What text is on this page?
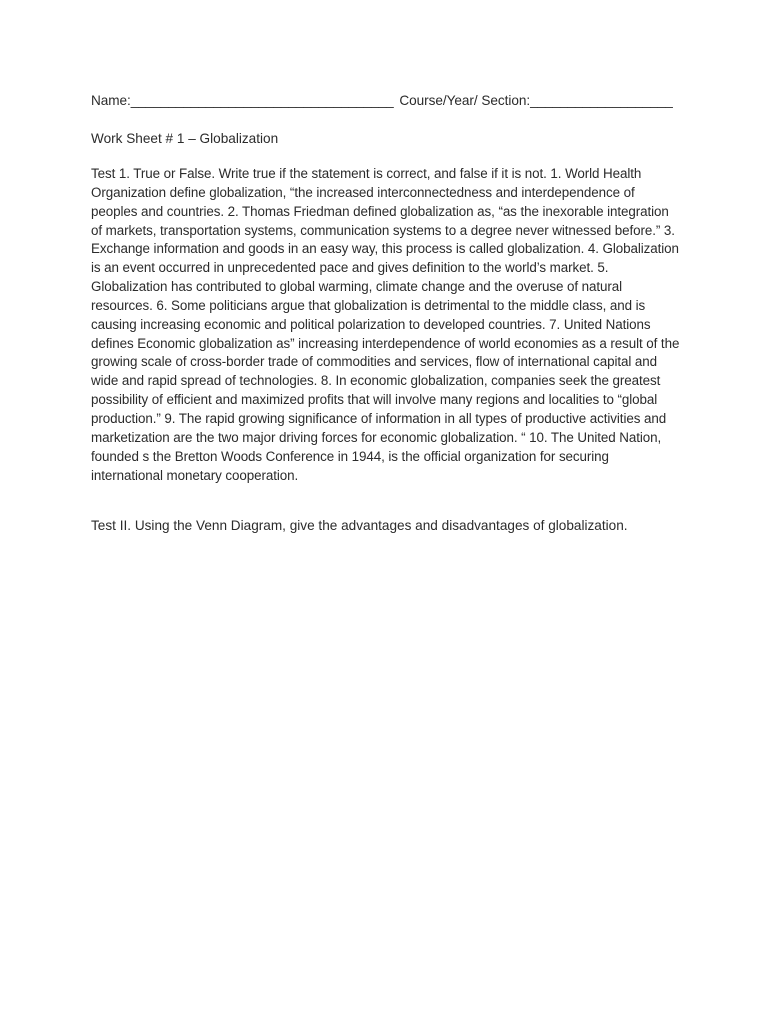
Name:___________________________________ Course/Year/ Section:___________________
Work Sheet # 1 – Globalization
Test 1. True or False. Write true if the statement is correct, and false if it is not. 1. World Health Organization define globalization, “the increased interconnectedness and interdependence of peoples and countries. 2. Thomas Friedman defined globalization as, “as the inexorable integration of markets, transportation systems, communication systems to a degree never witnessed before.” 3. Exchange information and goods in an easy way, this process is called globalization. 4. Globalization is an event occurred in unprecedented pace and gives definition to the world’s market. 5. Globalization has contributed to global warming, climate change and the overuse of natural resources. 6. Some politicians argue that globalization is detrimental to the middle class, and is causing increasing economic and political polarization to developed countries. 7. United Nations defines Economic globalization as” increasing interdependence of world economies as a result of the growing scale of cross-border trade of commodities and services, flow of international capital and wide and rapid spread of technologies. 8. In economic globalization, companies seek the greatest possibility of efficient and maximized profits that will involve many regions and localities to “global production.” 9. The rapid growing significance of information in all types of productive activities and marketization are the two major driving forces for economic globalization. “ 10. The United Nation, founded s the Bretton Woods Conference in 1944, is the official organization for securing international monetary cooperation.
Test II. Using the Venn Diagram, give the advantages and disadvantages of globalization.
